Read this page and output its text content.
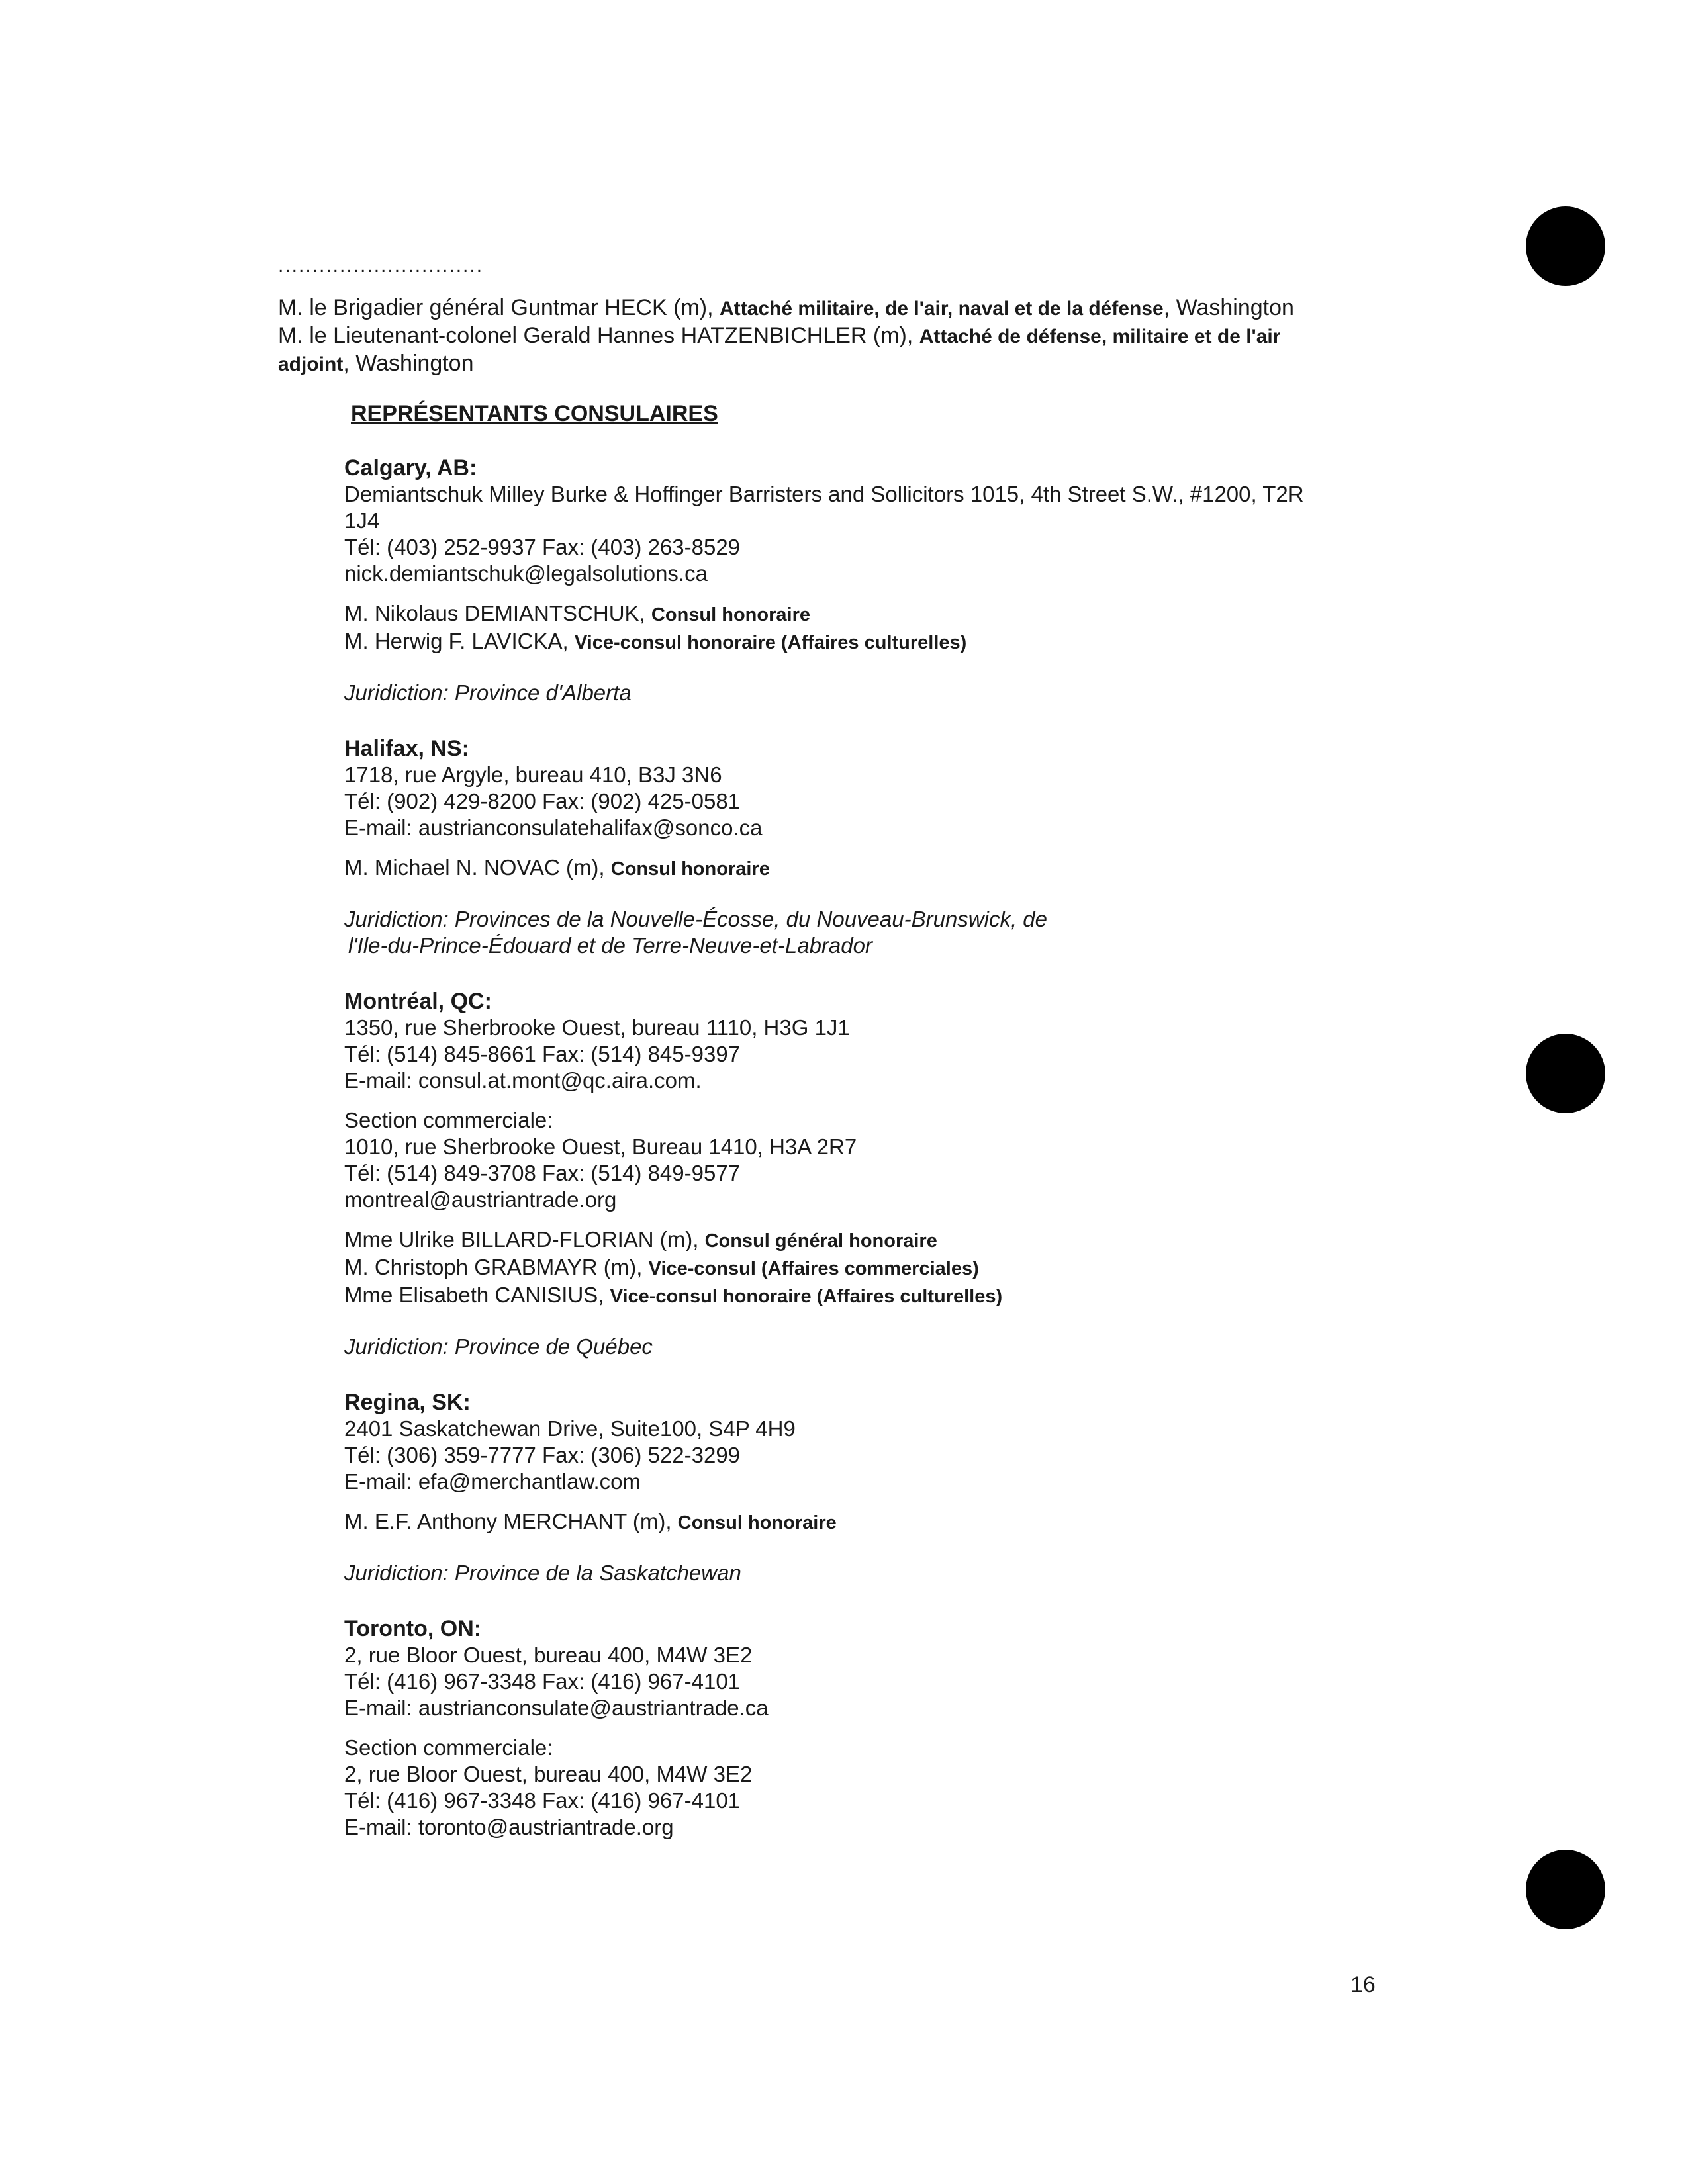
..............................
M. le Brigadier général Guntmar HECK (m), Attaché militaire, de l'air, naval et de la défense, Washington
M. le Lieutenant-colonel Gerald Hannes HATZENBICHLER (m), Attaché de défense, militaire et de l'air
adjoint, Washington
REPRÉSENTANTS CONSULAIRES
Calgary, AB:
Demiantschuk Milley Burke & Hoffinger Barristers and Sollicitors 1015, 4th Street S.W., #1200, T2R
1J4
Tél: (403) 252-9937 Fax: (403) 263-8529
nick.demiantschuk@legalsolutions.ca
M. Nikolaus DEMIANTSCHUK, Consul honoraire
M. Herwig F. LAVICKA, Vice-consul honoraire (Affaires culturelles)
Juridiction: Province d'Alberta
Halifax, NS:
1718, rue Argyle, bureau 410, B3J 3N6
Tél: (902) 429-8200 Fax: (902) 425-0581
E-mail: austrianconsulatehalifax@sonco.ca
M. Michael N. NOVAC (m), Consul honoraire
Juridiction: Provinces de la Nouvelle-Écosse, du Nouveau-Brunswick, de
l'Ile-du-Prince-Édouard et de Terre-Neuve-et-Labrador
Montréal, QC:
1350, rue Sherbrooke Ouest, bureau 1110, H3G 1J1
Tél: (514) 845-8661 Fax: (514) 845-9397
E-mail: consul.at.mont@qc.aira.com.
Section commerciale:
1010, rue Sherbrooke Ouest, Bureau 1410, H3A 2R7
Tél: (514) 849-3708 Fax: (514) 849-9577
montreal@austriantrade.org
Mme Ulrike BILLARD-FLORIAN (m), Consul général honoraire
M. Christoph GRABMAYR (m), Vice-consul (Affaires commerciales)
Mme Elisabeth CANISIUS, Vice-consul honoraire (Affaires culturelles)
Juridiction: Province de Québec
Regina, SK:
2401 Saskatchewan Drive, Suite100, S4P 4H9
Tél: (306) 359-7777 Fax: (306) 522-3299
E-mail: efa@merchantlaw.com
M. E.F. Anthony MERCHANT (m), Consul honoraire
Juridiction: Province de la Saskatchewan
Toronto, ON:
2, rue Bloor Ouest, bureau 400, M4W 3E2
Tél: (416) 967-3348 Fax: (416) 967-4101
E-mail: austrianconsulate@austriantrade.ca
Section commerciale:
2, rue Bloor Ouest, bureau 400, M4W 3E2
Tél: (416) 967-3348 Fax: (416) 967-4101
E-mail: toronto@austriantrade.org
16
